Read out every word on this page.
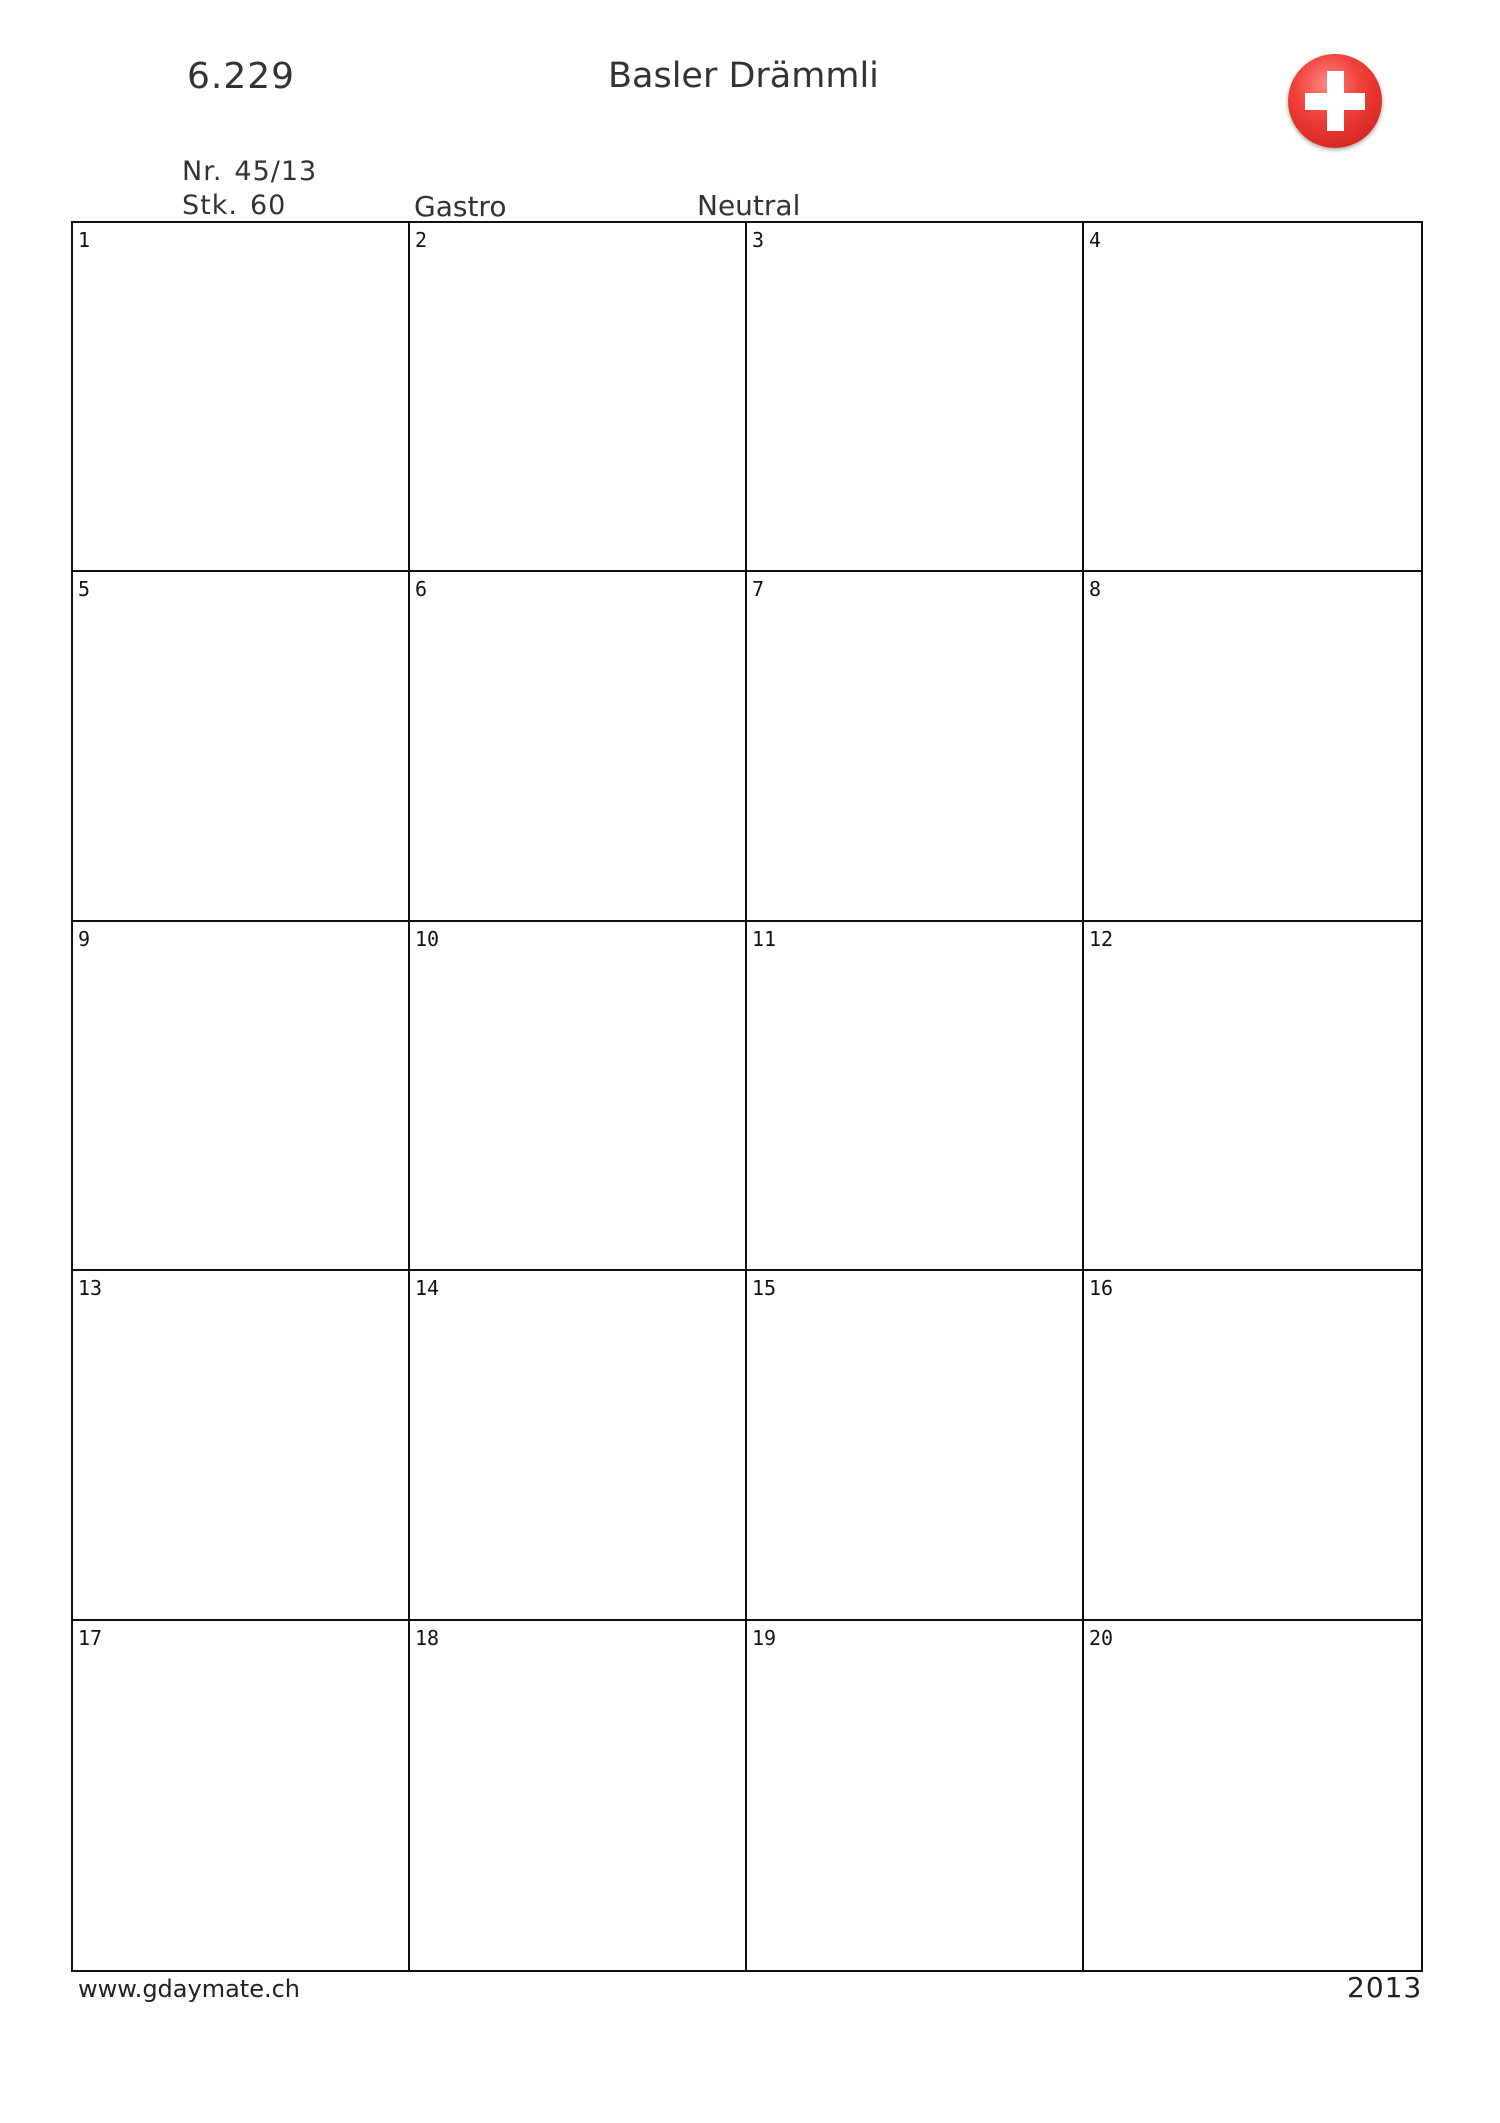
6.229	Basler Drämmli
Nr. 45/13
Stk. 60	Gastro	Neutral
1	2	3	4
5	6	7	8
9	10	11	12
13	14	15	16
17	18	19	20
www.gdaymate.ch	2013
